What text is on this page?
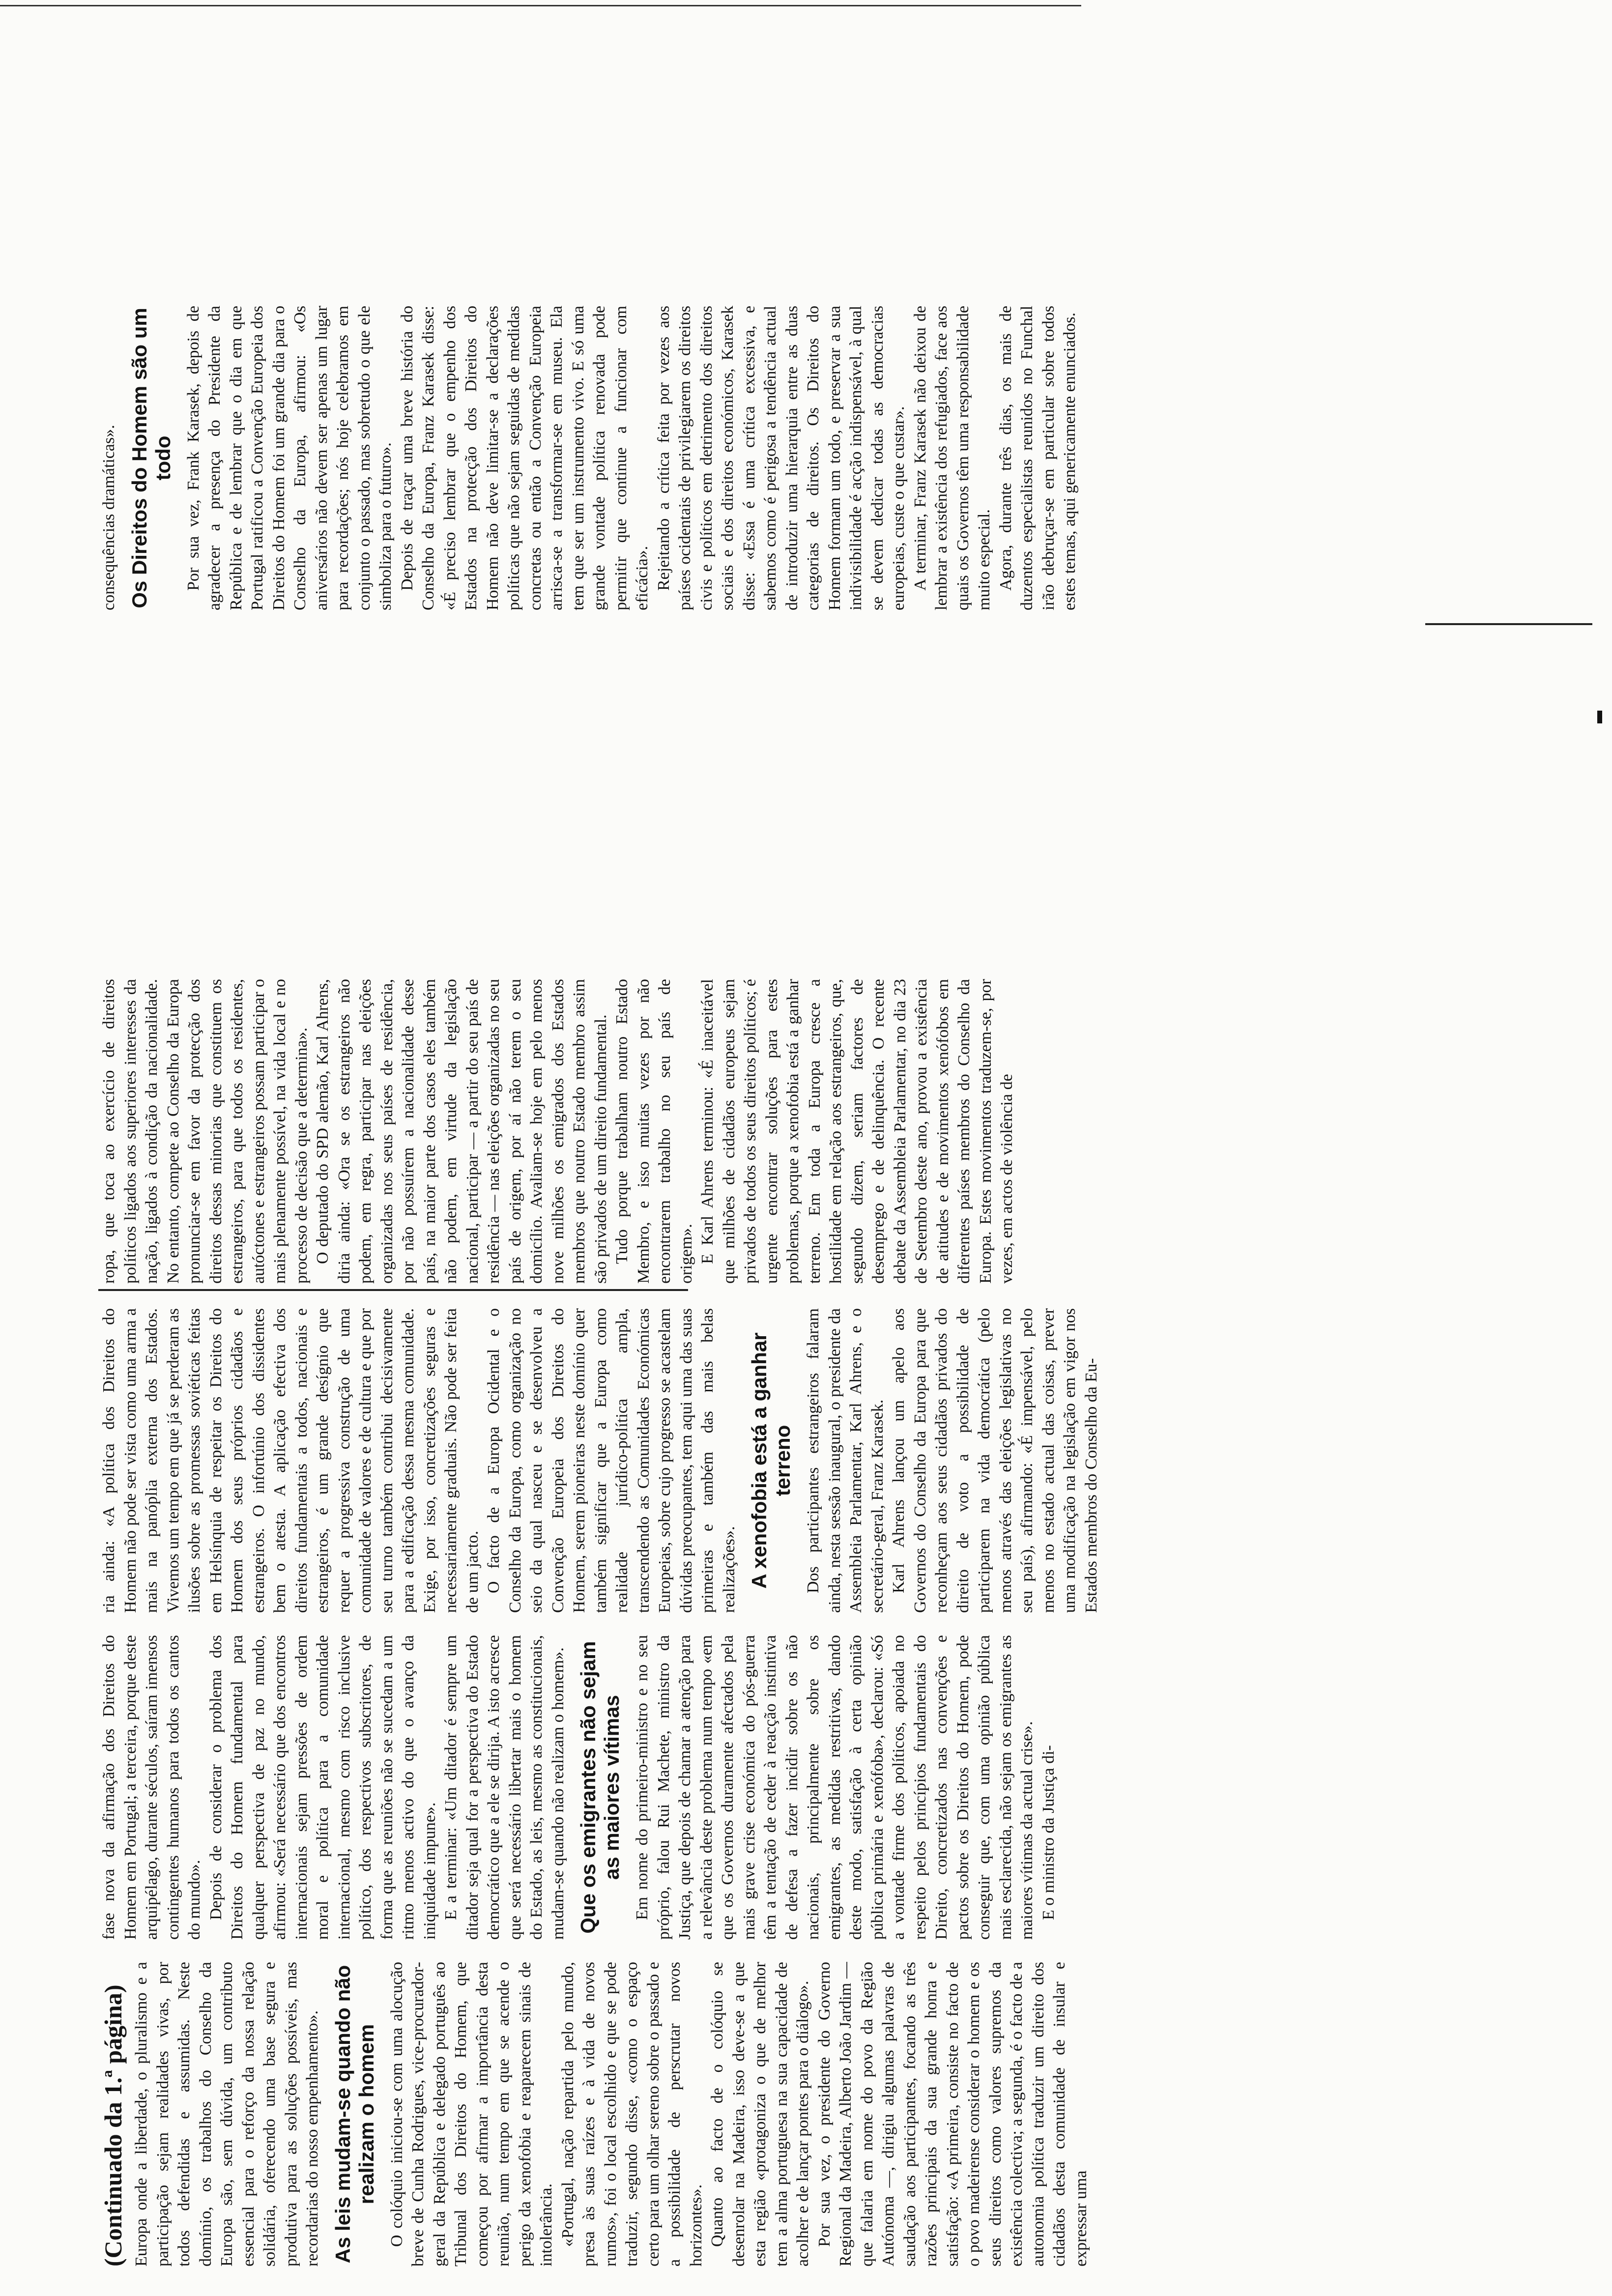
(Continuado da 1.ª página) Europa onde a liberdade, o pluralismo e a participação sejam realidades vivas, por todos defendidas e assumidas. Neste domínio, os trabalhos do Conselho da Europa são, sem dúvida, um contributo essencial para o reforço da nossa relação solidária, oferecendo uma base segura e produtiva para as soluções possíveis, mas recordarias do nosso empenhamento». As leis mudam-se quando não realizam o homem O colóquio iniciou-se com uma alocução breve de Cunha Rodrigues, vice-procurador-geral da República e delegado português ao Tribunal dos Direitos do Homem, que começou por afirmar a importância desta reunião, num tempo em que se acende o perigo da xenofobia e reaparecem sinais de intolerância. «Portugal, nação repartida pelo mundo, presa às suas raízes e à vida de novos rumos», foi o local escolhido e que se pode traduzir, segundo disse, «como o espaço certo para um olhar sereno sobre o passado e a possibilidade de perscrutar novos horizontes». Quanto ao facto de o colóquio se desenrolar na Madeira, isso deve-se a que esta região «protagoniza o que de melhor tem a alma portuguesa na sua capacidade de acolher e de lançar pontes para o diálogo». Por sua vez, o presidente do Governo Regional da Madeira, Alberto João Jardim — que falaria em nome do povo da Região Autónoma —, dirigiu algumas palavras de saudação aos participantes, focando as três razões principais da sua grande honra e satisfação: «A primeira, consiste no facto de o povo madeirense considerar o homem e os seus direitos como valores supremos da existência colectiva; a segunda, é o facto de a autonomia política traduzir um direito dos cidadãos desta comunidade de insular e expressar uma

fase nova da afirmação dos Direitos do Homem em Portugal; a terceira, porque deste arquipélago, durante séculos, saíram imensos contingentes humanos para todos os cantos do mundo». Depois de considerar o problema dos Direitos do Homem fundamental para qualquer perspectiva de paz no mundo, afirmou: «Será necessário que dos encontros internacionais sejam pressões de ordem moral e política para a comunidade internacional, mesmo com risco inclusive político, dos respectivos subscritores, de forma que as reuniões não se sucedam a um ritmo menos activo do que o avanço da iniquidade impune». E a terminar: «Um ditador é sempre um ditador seja qual for a perspectiva do Estado democrático que a ele se dirija. A isto acresce que será necessário libertar mais o homem do Estado, as leis, mesmo as constitucionais, mudam-se quando não realizam o homem». Que os emigrantes não sejam as maiores vítimas Em nome do primeiro-ministro e no seu próprio, falou Rui Machete, ministro da Justiça, que depois de chamar a atenção para a relevância deste problema num tempo «em que os Governos duramente afectados pela mais grave crise económica do pós-guerra têm a tentação de ceder à reacção instintiva de defesa a fazer incidir sobre os não nacionais, principalmente sobre os emigrantes, as medidas restritivas, dando deste modo, satisfação à certa opinião pública primária e xenófoba», declarou: «Só a vontade firme dos políticos, apoiada no respeito pelos princípios fundamentais do Direito, concretizados nas convenções e pactos sobre os Direitos do Homem, pode conseguir que, com uma opinião pública mais esclarecida, não sejam os emigrantes as maiores vítimas da actual crise». E o ministro da Justiça di-

ria ainda: «A política dos Direitos do Homem não pode ser vista como uma arma a mais na panóplia externa dos Estados. Vivemos um tempo em que já se perderam as ilusões sobre as promessas soviéticas feitas em Helsínquia de respeitar os Direitos do Homem dos seus próprios cidadãos e estrangeiros. O infortúnio dos dissidentes bem o atesta. A aplicação efectiva dos direitos fundamentais a todos, nacionais e estrangeiros, é um grande desígnio que requer a progressiva construção de uma comunidade de valores e de cultura e que por seu turno também contribui decisivamente para a edificação dessa mesma comunidade. Exige, por isso, concretizações seguras e necessariamente graduais. Não pode ser feita de um jacto. O facto de a Europa Ocidental e o Conselho da Europa, como organização no seio da qual nasceu e se desenvolveu a Convenção Europeia dos Direitos do Homem, serem pioneiras neste domínio quer também significar que a Europa como realidade jurídico-política ampla, transcendendo as Comunidades Económicas Europeias, sobre cujo progresso se acastelam dúvidas preocupantes, tem aqui uma das suas primeiras e também das mais belas realizações». A xenofobia está a ganhar terreno Dos participantes estrangeiros falaram ainda, nesta sessão inaugural, o presidente da Assembleia Parlamentar, Karl Ahrens, e o secretário-geral, Franz Karasek. Karl Ahrens lançou um apelo aos Governos do Conselho da Europa para que reconheçam aos seus cidadãos privados do direito de voto a possibilidade de participarem na vida democrática (pelo menos através das eleições legislativas no seu país), afirmando: «É impensável, pelo menos no estado actual das coisas, prever uma modificação na legislação em vigor nos Estados membros do Conselho da Eu-

ropa, que toca ao exercício de direitos políticos ligados aos superiores interesses da nação, ligados à condição da nacionalidade. No entanto, compete ao Conselho da Europa pronunciar-se em favor da protecção dos direitos dessas minorias que constituem os estrangeiros, para que todos os residentes, autóctones e estrangeiros possam participar o mais plenamente possível, na vida local e no processo de decisão que a determina». O deputado do SPD alemão, Karl Ahrens, diria ainda: «Ora se os estrangeiros não podem, em regra, participar nas eleições organizadas nos seus países de residência, por não possuírem a nacionalidade desse país, na maior parte dos casos eles também não podem, em virtude da legislação nacional, participar — a partir do seu país de residência — nas eleições organizadas no seu país de origem, por aí não terem o seu domicílio. Avaliam-se hoje em pelo menos nove milhões os emigrados dos Estados membros que noutro Estado membro assim são privados de um direito fundamental. Tudo porque trabalham noutro Estado Membro, e isso muitas vezes por não encontrarem trabalho no seu país de origem». E Karl Ahrens terminou: «É inaceitável que milhões de cidadãos europeus sejam privados de todos os seus direitos políticos; é urgente encontrar soluções para estes problemas, porque a xenofobia está a ganhar terreno. Em toda a Europa cresce a hostilidade em relação aos estrangeiros, que, segundo dizem, seriam factores de desemprego e de delinquência. O recente debate da Assembleia Parlamentar, no dia 23 de Setembro deste ano, provou a existência de atitudes e de movimentos xenófobos em diferentes países membros do Conselho da Europa. Estes movimentos traduzem-se, por vezes, em actos de violência de

consequências dramáticas». Os Direitos do Homem são um todo Por sua vez, Frank Karasek, depois de agradecer a presença do Presidente da República e de lembrar que o dia em que Portugal ratificou a Convenção Europeia dos Direitos do Homem foi um grande dia para o Conselho da Europa, afirmou: «Os aniversários não devem ser apenas um lugar para recordações; nós hoje celebramos em conjunto o passado, mas sobretudo o que ele simboliza para o futuro». Depois de traçar uma breve história do Conselho da Europa, Franz Karasek disse: «É preciso lembrar que o empenho dos Estados na protecção dos Direitos do Homem não deve limitar-se a declarações políticas que não sejam seguidas de medidas concretas ou então a Convenção Europeia arrisca-se a transformar-se em museu. Ela tem que ser um instrumento vivo. E só uma grande vontade política renovada pode permitir que continue a funcionar com eficácia». Rejeitando a crítica feita por vezes aos países ocidentais de privilegiarem os direitos civis e políticos em detrimento dos direitos sociais e dos direitos económicos, Karasek disse: «Essa é uma crítica excessiva, e sabemos como é perigosa a tendência actual de introduzir uma hierarquia entre as duas categorias de direitos. Os Direitos do Homem formam um todo, e preservar a sua indivisibilidade é acção indispensável, à qual se devem dedicar todas as democracias europeias, custe o que custar». A terminar, Franz Karasek não deixou de lembrar a existência dos refugiados, face aos quais os Governos têm uma responsabilidade muito especial. Agora, durante três dias, os mais de duzentos especialistas reunidos no Funchal irão debruçar-se em particular sobre todos estes temas, aqui genericamente enunciados.
